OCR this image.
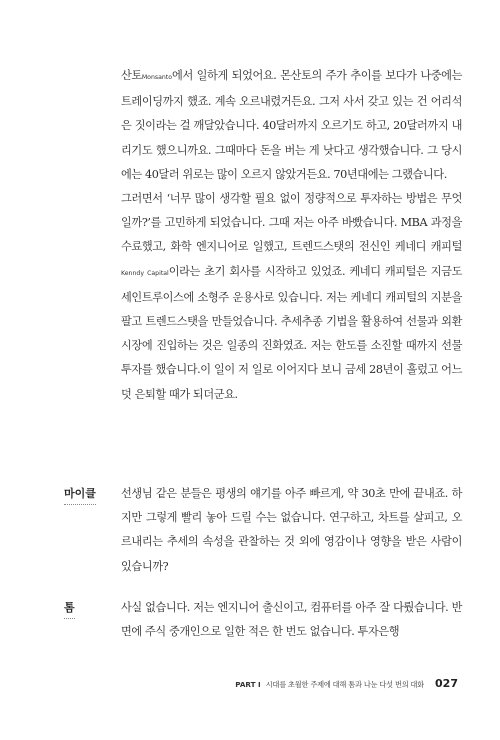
산토Monsanto에서 일하게 되었어요. 몬산토의 주가 추이를 보다가 나중에는 트레이딩까지 했죠. 계속 오르내렸거든요. 그저 사서 갖고 있는 건 어리석은 짓이라는 걸 깨달았습니다. 40달러까지 오르기도 하고, 20달러까지 내리기도 했으니까요. 그때마다 돈을 버는 게 낫다고 생각했습니다. 그 당시에는 40달러 위로는 많이 오르지 않았거든요. 70년대에는 그랬습니다.

그러면서 ‘너무 많이 생각할 필요 없이 정량적으로 투자하는 방법은 무엇일까?’를 고민하게 되었습니다. 그때 저는 아주 바빴습니다. MBA 과정을 수료했고, 화학 엔지니어로 일했고, 트렌드스탯의 전신인 케네디 캐피털Kenndy Capital이라는 초기 회사를 시작하고 있었죠. 케네디 캐피털은 지금도 세인트루이스에 소형주 운용사로 있습니다. 저는 케네디 캐피털의 지분을 팔고 트렌드스탯을 만들었습니다. 추세추종 기법을 활용하여 선물과 외환시장에 진입하는 것은 일종의 진화였죠. 저는 한도를 소진할 때까지 선물 투자를 했습니다.이 일이 저 일로 이어지다 보니 금세 28년이 흘렀고 어느덧 은퇴할 때가 되더군요.

마이클 선생님 같은 분들은 평생의 얘기를 아주 빠르게, 약 30초 만에 끝내죠. 하지만 그렇게 빨리 놓아 드릴 수는 없습니다. 연구하고, 차트를 살피고, 오르내리는 추세의 속성을 관찰하는 것 외에 영감이나 영향을 받은 사람이 있습니까?
톰	사실 없습니다. 저는 엔지니어 출신이고, 컴퓨터를 아주 잘 다뤘습니다. 반면에 주식 중개인으로 일한 적은 한 번도 없습니다. 투자은행
PART I 시대를 초월한 주제에 대해 톰과 나눈 다섯 번의 대화 027
